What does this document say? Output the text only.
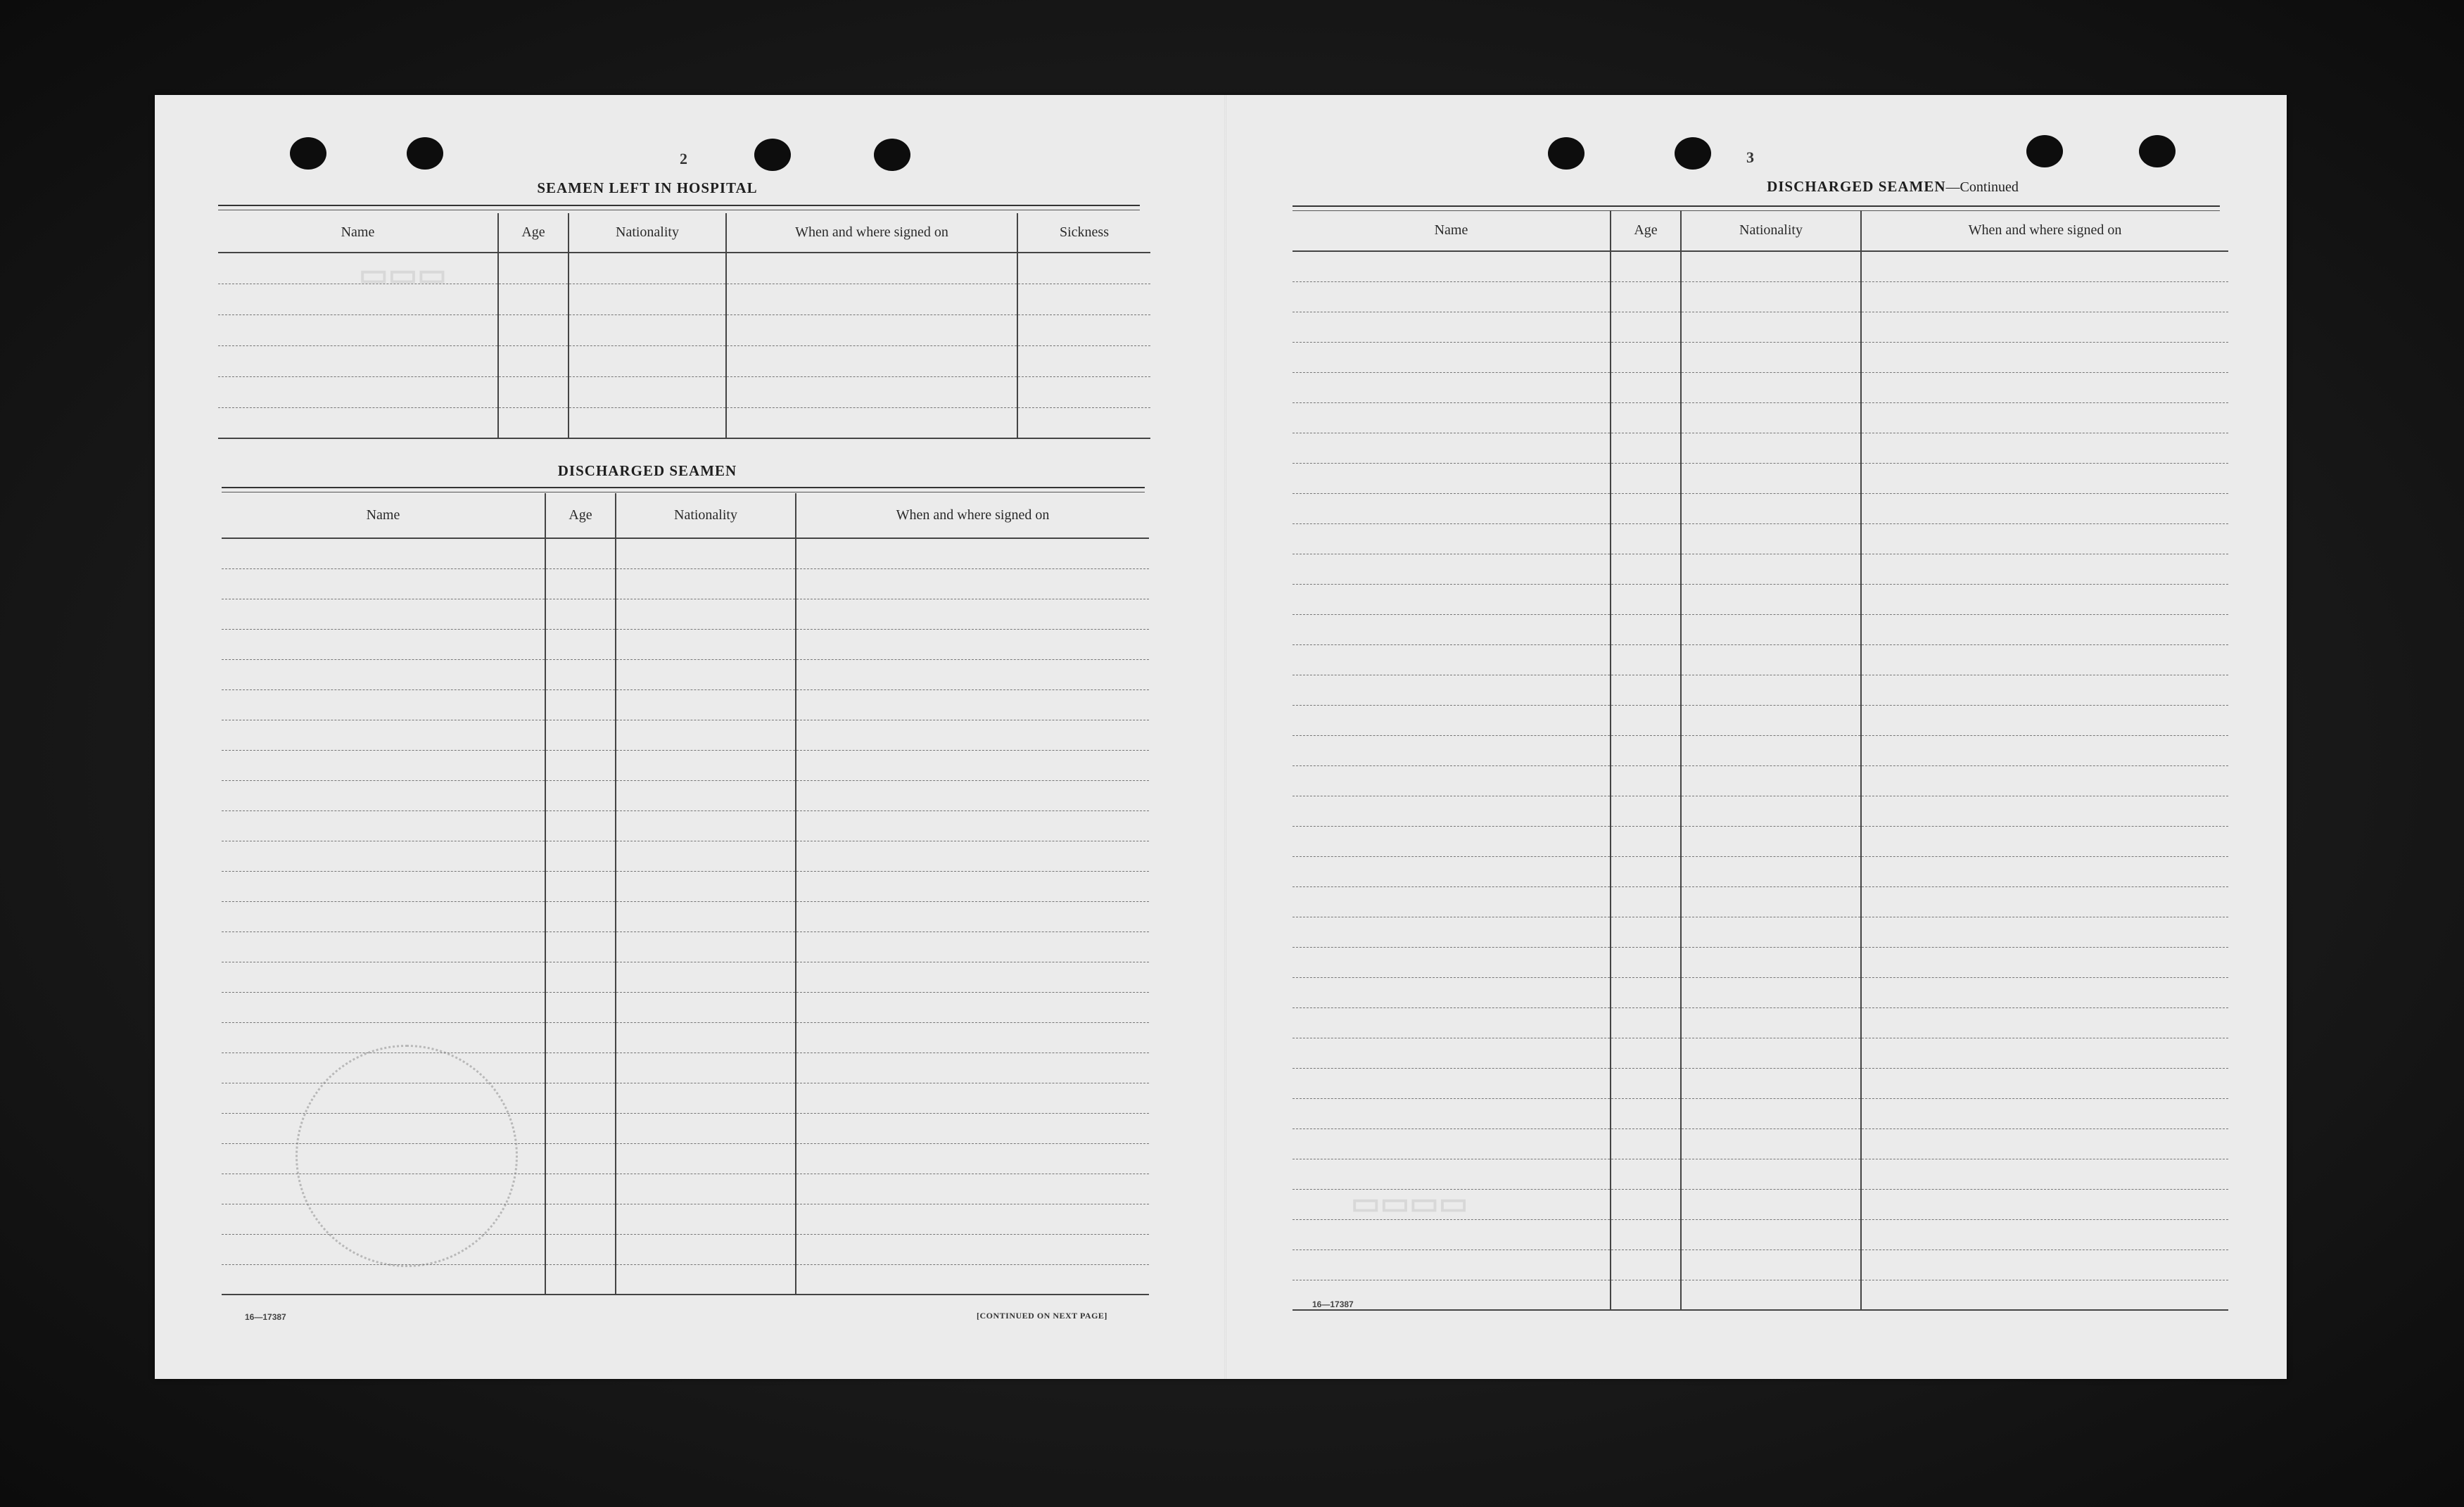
▭▭▭
▭▭▭▭
2
SEAMEN LEFT IN HOSPITAL
Name	Age	Nationality	When and where signed on	Sickness

DISCHARGED SEAMEN
Name	Age	Nationality	When and where signed on

16—17387	[CONTINUED ON NEXT PAGE]
3
DISCHARGED SEAMEN—Continued
Name	Age	Nationality	When and where signed on

16—17387
